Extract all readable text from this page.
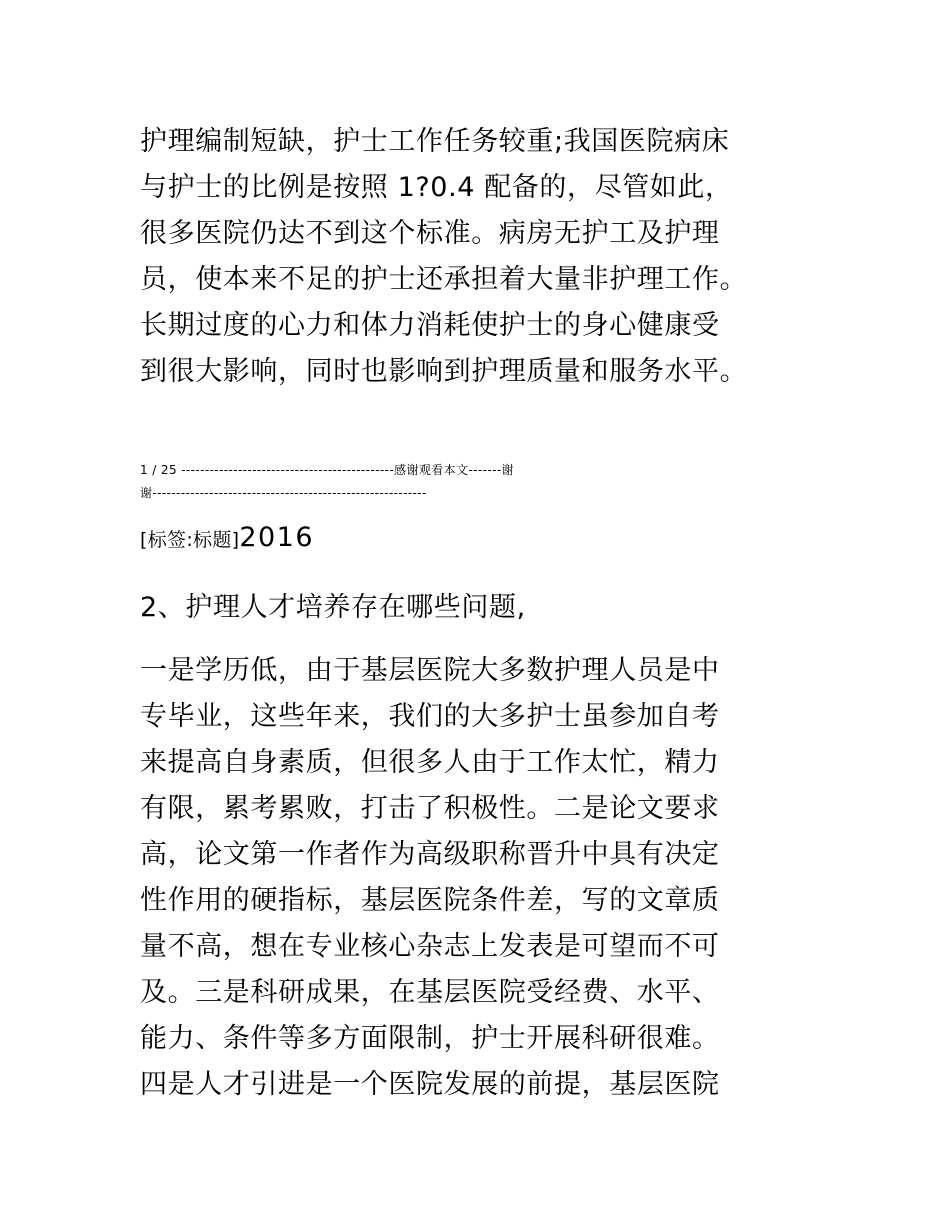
护理编制短缺，护士工作任务较重;我国医院病床
与护士的比例是按照 1?0.4 配备的，尽管如此，
很多医院仍达不到这个标准。病房无护工及护理
员，使本来不足的护士还承担着大量非护理工作。
长期过度的心力和体力消耗使护士的身心健康受
到很大影响，同时也影响到护理质量和服务水平。
1 / 25 ---------------------------------------------感谢观看本文-------谢
谢----------------------------------------------------------
[标签:标题]2016
2、护理人才培养存在哪些问题,
一是学历低，由于基层医院大多数护理人员是中
专毕业，这些年来，我们的大多护士虽参加自考
来提高自身素质，但很多人由于工作太忙，精力
有限，累考累败，打击了积极性。二是论文要求
高，论文第一作者作为高级职称晋升中具有决定
性作用的硬指标，基层医院条件差，写的文章质
量不高，想在专业核心杂志上发表是可望而不可
及。三是科研成果，在基层医院受经费、水平、
能力、条件等多方面限制，护士开展科研很难。
四是人才引进是一个医院发展的前提，基层医院
